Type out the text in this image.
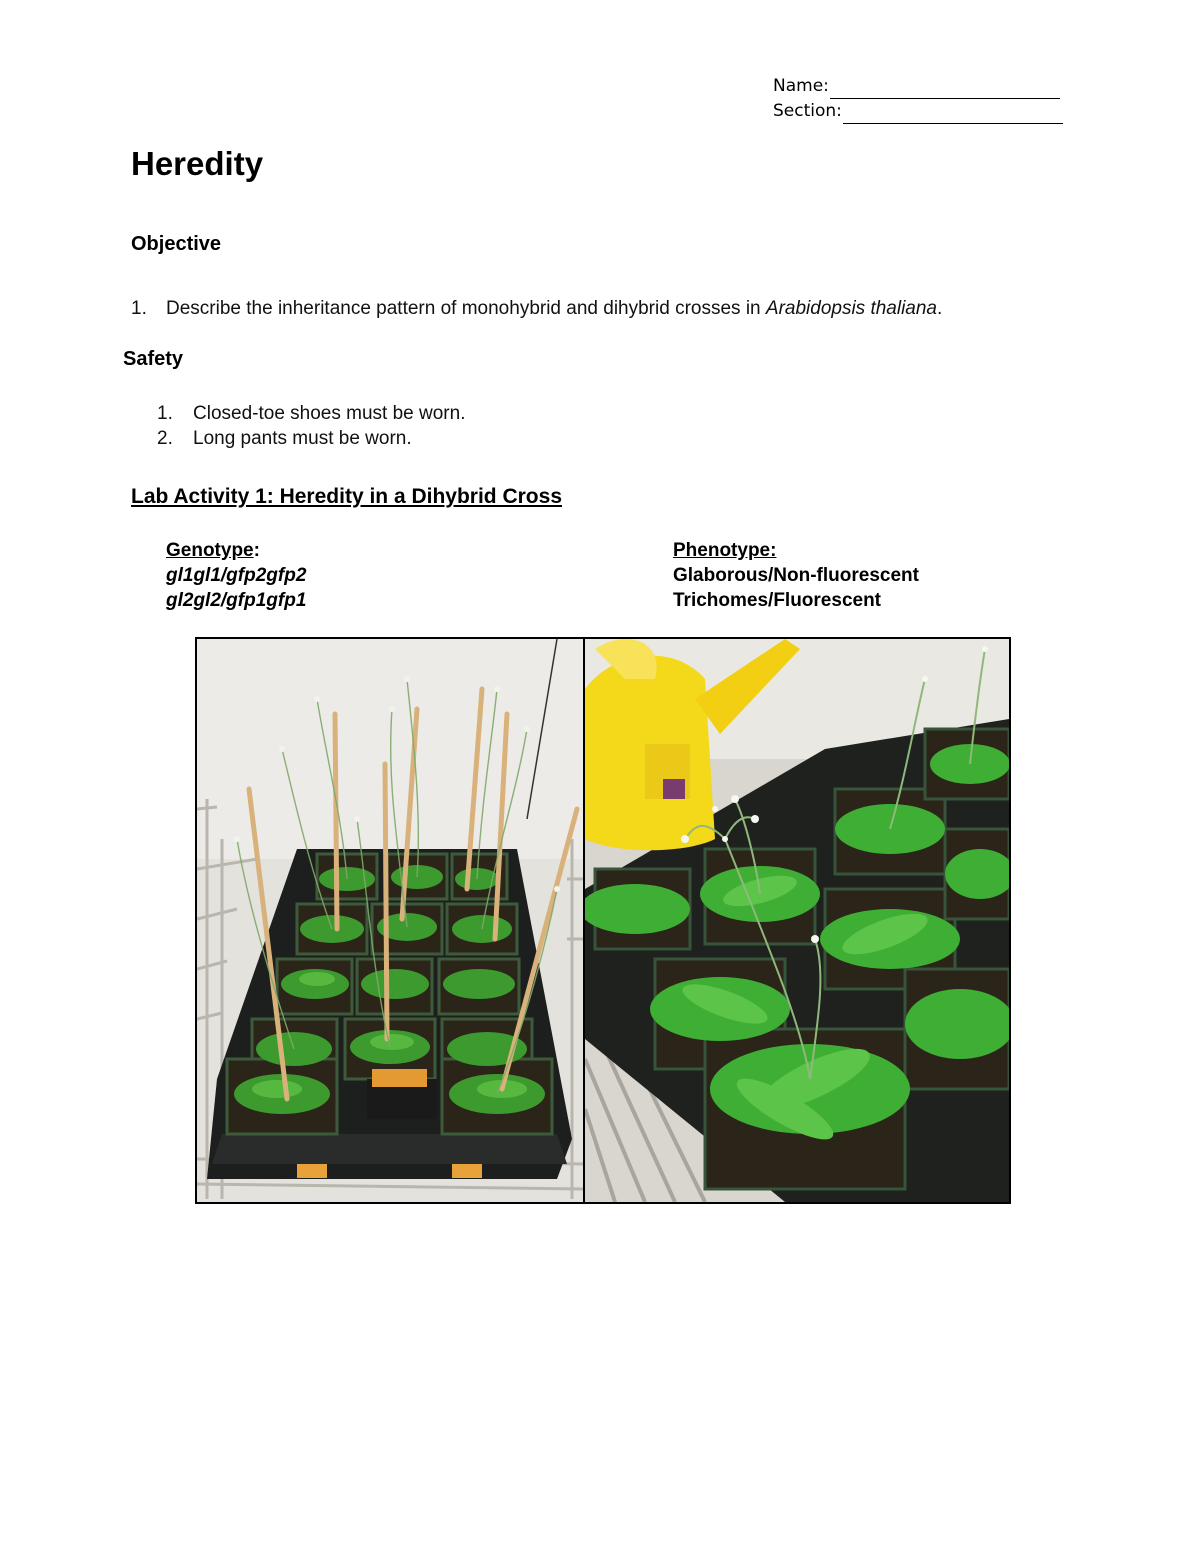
Name:
Section:
Heredity
Objective

1. Describe the inheritance pattern of monohybrid and dihybrid crosses in Arabidopsis thaliana.

Safety

1. Closed-toe shoes must be worn.

2. Long pants must be worn.

Lab Activity 1: Heredity in a Dihybrid Cross
Genotype:
gl1gl1/gfp2gfp2
gl2gl2/gfp1gfp1
Phenotype:
Glaborous/Non-fluorescent
Trichomes/Fluorescent
